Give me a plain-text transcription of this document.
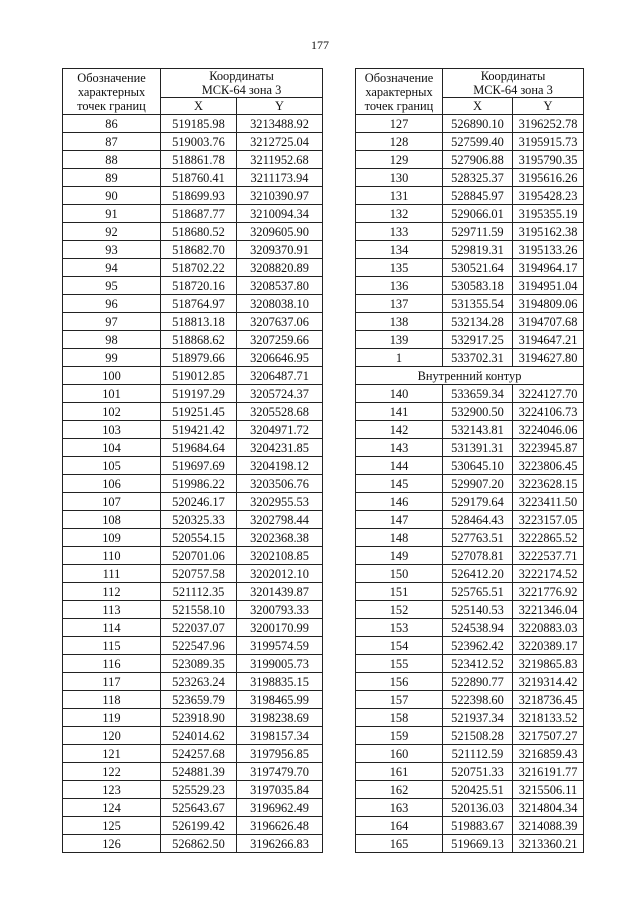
177
Обозначение
характерных
точек границ	Координаты
МСК-64 зона 3	
	X	Y
86	519185.98	3213488.92
87	519003.76	3212725.04
88	518861.78	3211952.68
89	518760.41	3211173.94
90	518699.93	3210390.97
91	518687.77	3210094.34
92	518680.52	3209605.90
93	518682.70	3209370.91
94	518702.22	3208820.89
95	518720.16	3208537.80
96	518764.97	3208038.10
97	518813.18	3207637.06
98	518868.62	3207259.66
99	518979.66	3206646.95
100	519012.85	3206487.71
101	519197.29	3205724.37
102	519251.45	3205528.68
103	519421.42	3204971.72
104	519684.64	3204231.85
105	519697.69	3204198.12
106	519986.22	3203506.76
107	520246.17	3202955.53
108	520325.33	3202798.44
109	520554.15	3202368.38
110	520701.06	3202108.85
111	520757.58	3202012.10
112	521112.35	3201439.87
113	521558.10	3200793.33
114	522037.07	3200170.99
115	522547.96	3199574.59
116	523089.35	3199005.73
117	523263.24	3198835.15
118	523659.79	3198465.99
119	523918.90	3198238.69
120	524014.62	3198157.34
121	524257.68	3197956.85
122	524881.39	3197479.70
123	525529.23	3197035.84
124	525643.67	3196962.49
125	526199.42	3196626.48
126	526862.50	3196266.83
Обозначение
характерных
точек границ	Координаты
МСК-64 зона 3	
	X	Y
127	526890.10	3196252.78
128	527599.40	3195915.73
129	527906.88	3195790.35
130	528325.37	3195616.26
131	528845.97	3195428.23
132	529066.01	3195355.19
133	529711.59	3195162.38
134	529819.31	3195133.26
135	530521.64	3194964.17
136	530583.18	3194951.04
137	531355.54	3194809.06
138	532134.28	3194707.68
139	532917.25	3194647.21
1	533702.31	3194627.80
Внутренний контур		
140	533659.34	3224127.70
141	532900.50	3224106.73
142	532143.81	3224046.06
143	531391.31	3223945.87
144	530645.10	3223806.45
145	529907.20	3223628.15
146	529179.64	3223411.50
147	528464.43	3223157.05
148	527763.51	3222865.52
149	527078.81	3222537.71
150	526412.20	3222174.52
151	525765.51	3221776.92
152	525140.53	3221346.04
153	524538.94	3220883.03
154	523962.42	3220389.17
155	523412.52	3219865.83
156	522890.77	3219314.42
157	522398.60	3218736.45
158	521937.34	3218133.52
159	521508.28	3217507.27
160	521112.59	3216859.43
161	520751.33	3216191.77
162	520425.51	3215506.11
163	520136.03	3214804.34
164	519883.67	3214088.39
165	519669.13	3213360.21
